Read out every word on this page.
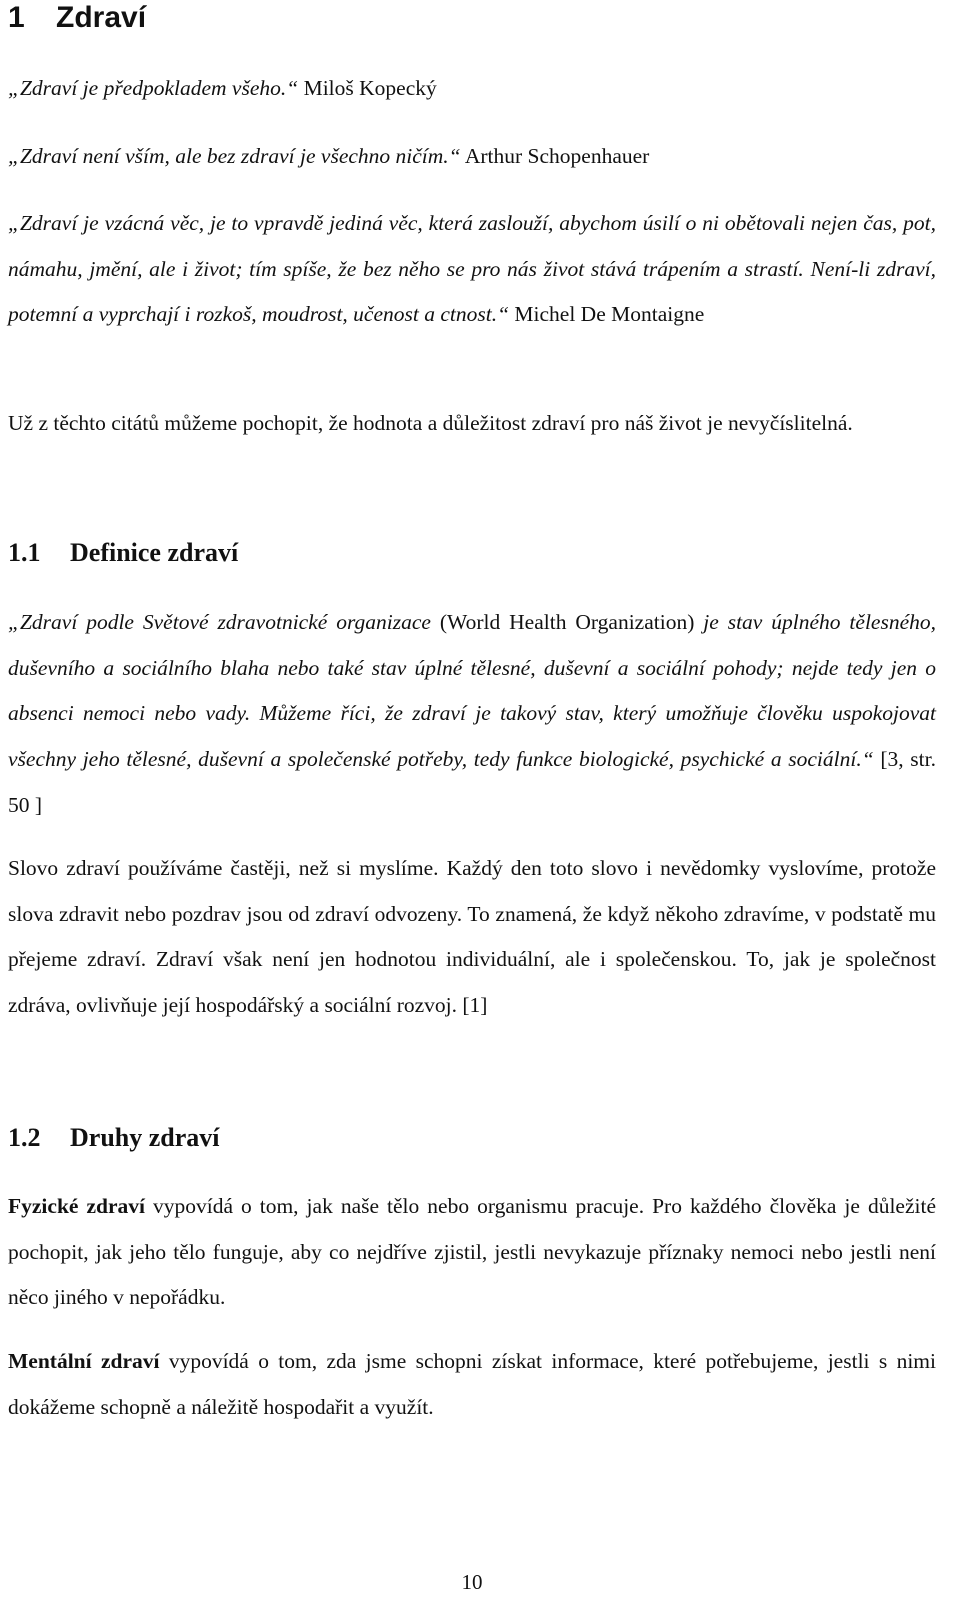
1 Zdraví

„Zdraví je předpokladem všeho.“ Miloš Kopecký

„Zdraví není vším, ale bez zdraví je všechno ničím.“ Arthur Schopenhauer

„Zdraví je vzácná věc, je to vpravdě jediná věc, která zaslouží, abychom úsilí o ni obětovali nejen čas, pot, námahu, jmění, ale i život; tím spíše, že bez něho se pro nás život stává trápením a strastí. Není-li zdraví, potemní a vyprchají i rozkoš, moudrost, učenost a ctnost.“ Michel De Montaigne

Už z těchto citátů můžeme pochopit, že hodnota a důležitost zdraví pro náš život je nevyčíslitelná.

1.1 Definice zdraví

„Zdraví podle Světové zdravotnické organizace (World Health Organization) je stav úplného tělesného, duševního a sociálního blaha nebo také stav úplné tělesné, duševní a sociální pohody; nejde tedy jen o absenci nemoci nebo vady. Můžeme říci, že zdraví je takový stav, který umožňuje člověku uspokojovat všechny jeho tělesné, duševní a společenské potřeby, tedy funkce biologické, psychické a sociální.“ [3, str. 50 ]

Slovo zdraví používáme častěji, než si myslíme. Každý den toto slovo i nevědomky vyslovíme, protože slova zdravit nebo pozdrav jsou od zdraví odvozeny. To znamená, že když někoho zdravíme, v podstatě mu přejeme zdraví. Zdraví však není jen hodnotou individuální, ale i společenskou. To, jak je společnost zdráva, ovlivňuje její hospodářský a sociální rozvoj. [1]

1.2 Druhy zdraví

Fyzické zdraví vypovídá o tom, jak naše tělo nebo organismu pracuje. Pro každého člověka je důležité pochopit, jak jeho tělo funguje, aby co nejdříve zjistil, jestli nevykazuje příznaky nemoci nebo jestli není něco jiného v nepořádku.

Mentální zdraví vypovídá o tom, zda jsme schopni získat informace, které potřebujeme, jestli s nimi dokážeme schopně a náležitě hospodařit a využít.

10
